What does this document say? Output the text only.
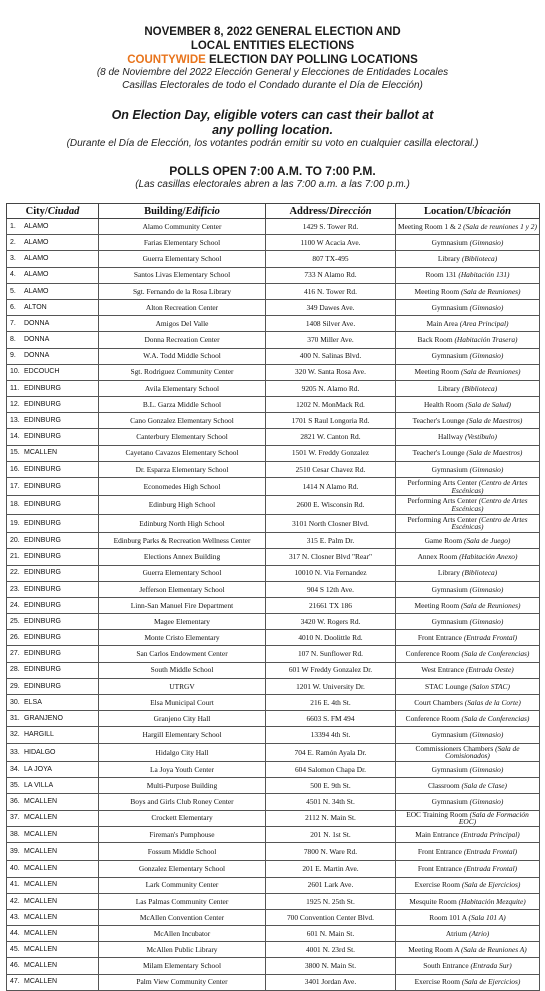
NOVEMBER 8, 2022 GENERAL ELECTION AND
LOCAL ENTITIES ELECTIONS
COUNTYWIDE ELECTION DAY POLLING LOCATIONS
(8 de Noviembre del 2022 Elección General y Elecciones de Entidades Locales
Casillas Electorales de todo el Condado durante el Día de Elección)
On Election Day, eligible voters can cast their ballot at
any polling location.
(Durante el Día de Elección, los votantes podrán emitir su voto en cualquier casilla electoral.)
POLLS OPEN 7:00 A.M. TO 7:00 P.M.
(Las casillas electorales abren a las 7:00 a.m. a las 7:00 p.m.)
City/Ciudad	Building/Edificio	Address/Dirección	Location/Ubicación
1. ALAMO	Alamo Community Center	1429 S. Tower Rd.	Meeting Room 1 & 2 (Sala de reuniones 1 y 2)
2. ALAMO	Farias Elementary School	1100 W Acacia Ave.	Gymnasium (Gimnasio)
3. ALAMO	Guerra Elementary School	807 TX-495	Library (Biblioteca)
4. ALAMO	Santos Livas Elementary School	733 N Alamo Rd.	Room 131 (Habitación 131)
5. ALAMO	Sgt. Fernando de la Rosa Library	416 N. Tower Rd.	Meeting Room (Sala de Reuniones)
6. ALTON	Alton Recreation Center	349 Dawes Ave.	Gymnasium (Gimnasio)
7. DONNA	Amigos Del Valle	1408 Silver Ave.	Main Area (Area Principal)
8. DONNA	Donna Recreation Center	370 Miller Ave.	Back Room (Habitación Trasera)
9. DONNA	W.A. Todd Middle School	400 N. Salinas Blvd.	Gymnasium (Gimnasio)
10. EDCOUCH	Sgt. Rodriguez Community Center	320 W. Santa Rosa Ave.	Meeting Room (Sala de Reuniones)
11. EDINBURG	Avila Elementary School	9205 N. Alamo Rd.	Library (Biblioteca)
12. EDINBURG	B.L. Garza Middle School	1202 N. MonMack Rd.	Health Room (Sala de Salud)
13. EDINBURG	Cano Gonzalez Elementary School	1701 S Raul Longoria Rd.	Teacher's Lounge (Sala de Maestros)
14. EDINBURG	Canterbury Elementary School	2821 W. Canton Rd.	Hallway (Vestíbulo)
15. MCALLEN	Cayetano Cavazos Elementary School	1501 W. Freddy Gonzalez	Teacher's Lounge (Sala de Maestros)
16. EDINBURG	Dr. Esparza Elementary School	2510 Cesar Chavez Rd.	Gymnasium (Gimnasio)
17. EDINBURG	Economedes High School	1414 N Alamo Rd.	Performing Arts Center (Centro de Artes Escénicas)
18. EDINBURG	Edinburg High School	2600 E. Wisconsin Rd.	Performing Arts Center (Centro de Artes Escénicas)
19. EDINBURG	Edinburg North High School	3101 North Closner Blvd.	Performing Arts Center (Centro de Artes Escénicas)
20. EDINBURG	Edinburg Parks & Recreation Wellness Center	315 E. Palm Dr.	Game Room (Sala de Juego)
21. EDINBURG	Elections Annex Building	317 N. Closner Blvd "Rear"	Annex Room (Habitación Anexo)
22. EDINBURG	Guerra Elementary School	10010 N. Via Fernandez	Library (Biblioteca)
23. EDINBURG	Jefferson Elementary School	904 S 12th Ave.	Gymnasium (Gimnasio)
24. EDINBURG	Linn-San Manuel Fire Department	21661 TX 186	Meeting Room (Sala de Reuniones)
25. EDINBURG	Magee Elementary	3420 W. Rogers Rd.	Gymnasium (Gimnasio)
26. EDINBURG	Monte Cristo Elementary	4010 N. Doolittle Rd.	Front Entrance (Entrada Frontal)
27. EDINBURG	San Carlos Endowment Center	107 N. Sunflower Rd.	Conference Room (Sala de Conferencias)
28. EDINBURG	South Middle School	601 W Freddy Gonzalez Dr.	West Entrance (Entrada Oeste)
29. EDINBURG	UTRGV	1201 W. University Dr.	STAC Lounge (Salon STAC)
30. ELSA	Elsa Municipal Court	216 E. 4th St.	Court Chambers (Salas de la Corte)
31. GRANJENO	Granjeno City Hall	6603 S. FM 494	Conference Room (Sala de Conferencias)
32. HARGILL	Hargill Elementary School	13394 4th St.	Gymnasium (Gimnasio)
33. HIDALGO	Hidalgo City Hall	704 E. Ramón Ayala Dr.	Commissioners Chambers (Sala de Comisionados)
34. LA JOYA	La Joya Youth Center	604 Salomon Chapa Dr.	Gymnasium (Gimnasio)
35. LA VILLA	Multi-Purpose Building	500 E. 9th St.	Classroom (Sala de Clase)
36. MCALLEN	Boys and Girls Club Roney Center	4501 N. 34th St.	Gymnasium (Gimnasio)
37. MCALLEN	Crockett Elementary	2112 N. Main St.	EOC Training Room (Sala de Formación EOC)
38. MCALLEN	Fireman's Pumphouse	201 N. 1st St.	Main Entrance (Entrada Principal)
39. MCALLEN	Fossum Middle School	7800 N. Ware Rd.	Front Entrance (Entrada Frontal)
40. MCALLEN	Gonzalez Elementary School	201 E. Martin Ave.	Front Entrance (Entrada Frontal)
41. MCALLEN	Lark Community Center	2601 Lark Ave.	Exercise Room (Sala de Ejercicios)
42. MCALLEN	Las Palmas Community Center	1925 N. 25th St.	Mesquite Room (Habitación Mezquite)
43. MCALLEN	McAllen Convention Center	700 Convention Center Blvd.	Room 101 A (Sala 101 A)
44. MCALLEN	McAllen Incubator	601 N. Main St.	Atrium (Atrio)
45. MCALLEN	McAllen Public Library	4001 N. 23rd St.	Meeting Room A (Sala de Reuniones A)
46. MCALLEN	Milam Elementary School	3800 N. Main St.	South Entrance (Entrada Sur)
47. MCALLEN	Palm View Community Center	3401 Jordan Ave.	Exercise Room (Sala de Ejercicios)
